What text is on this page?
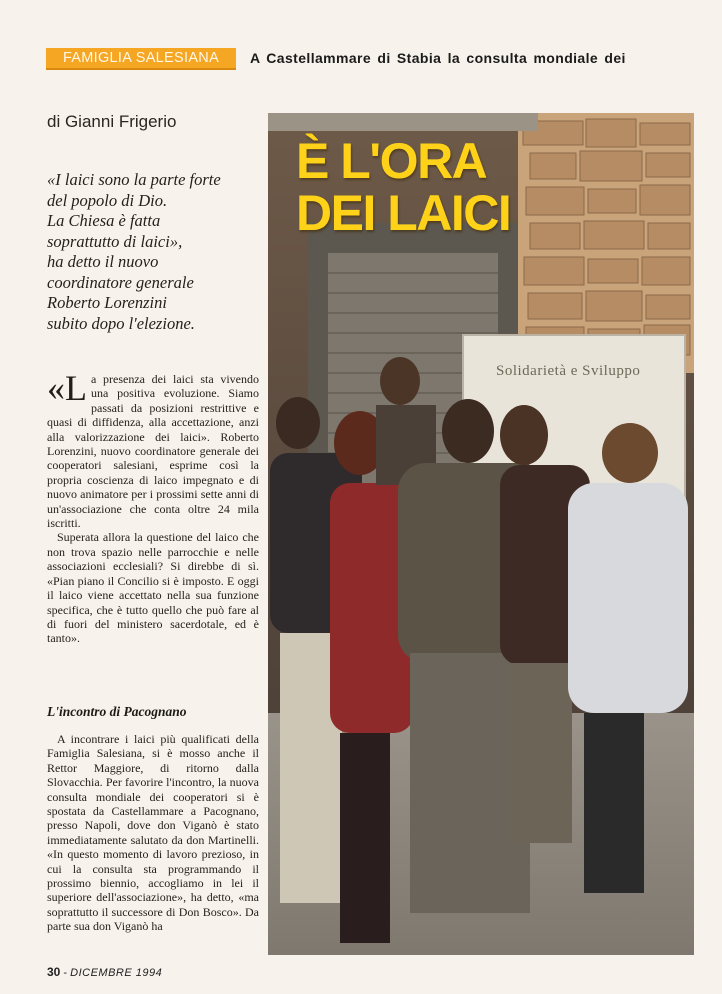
FAMIGLIA SALESIANA	A Castellammare di Stabia la consulta mondiale dei
di Gianni Frigerio
«I laici sono la parte forte
del popolo di Dio.
La Chiesa è fatta
soprattutto di laici»,
ha detto il nuovo
coordinatore generale
Roberto Lorenzini
subito dopo l'elezione.

«La presenza dei laici sta vivendo una positiva evoluzione. Siamo passati da posizioni restrittive e quasi di diffidenza, alla accettazione, anzi alla valorizzazione dei laici». Roberto Lorenzini, nuovo coordinatore generale dei cooperatori salesiani, esprime così la propria coscienza di laico impegnato e di nuovo animatore per i prossimi sette anni di un'associazione che conta oltre 24 mila iscritti.

Superata allora la questione del laico che non trova spazio nelle parrocchie e nelle associazioni ecclesiali? Si direbbe di sì. «Pian piano il Concilio si è imposto. E oggi il laico viene accettato nella sua funzione specifica, che è tutto quello che può fare al di fuori del ministero sacerdotale, ed è tanto».

L'incontro di Pacognano

A incontrare i laici più qualificati della Famiglia Salesiana, si è mosso anche il Rettor Maggiore, di ritorno dalla Slovacchia. Per favorire l'incontro, la nuova consulta mondiale dei cooperatori si è spostata da Castellammare a Pacognano, presso Napoli, dove don Viganò è stato immediatamente salutato da don Martinelli. «In questo momento di lavoro prezioso, in cui la consulta sta programmando il prossimo biennio, accogliamo in lei il superiore dell'associazione», ha detto, «ma soprattutto il successore di Don Bosco». Da parte sua don Viganò ha

30 - DICEMBRE 1994
È L'ORA
DEI LAICI
Solidarietà e Sviluppo
